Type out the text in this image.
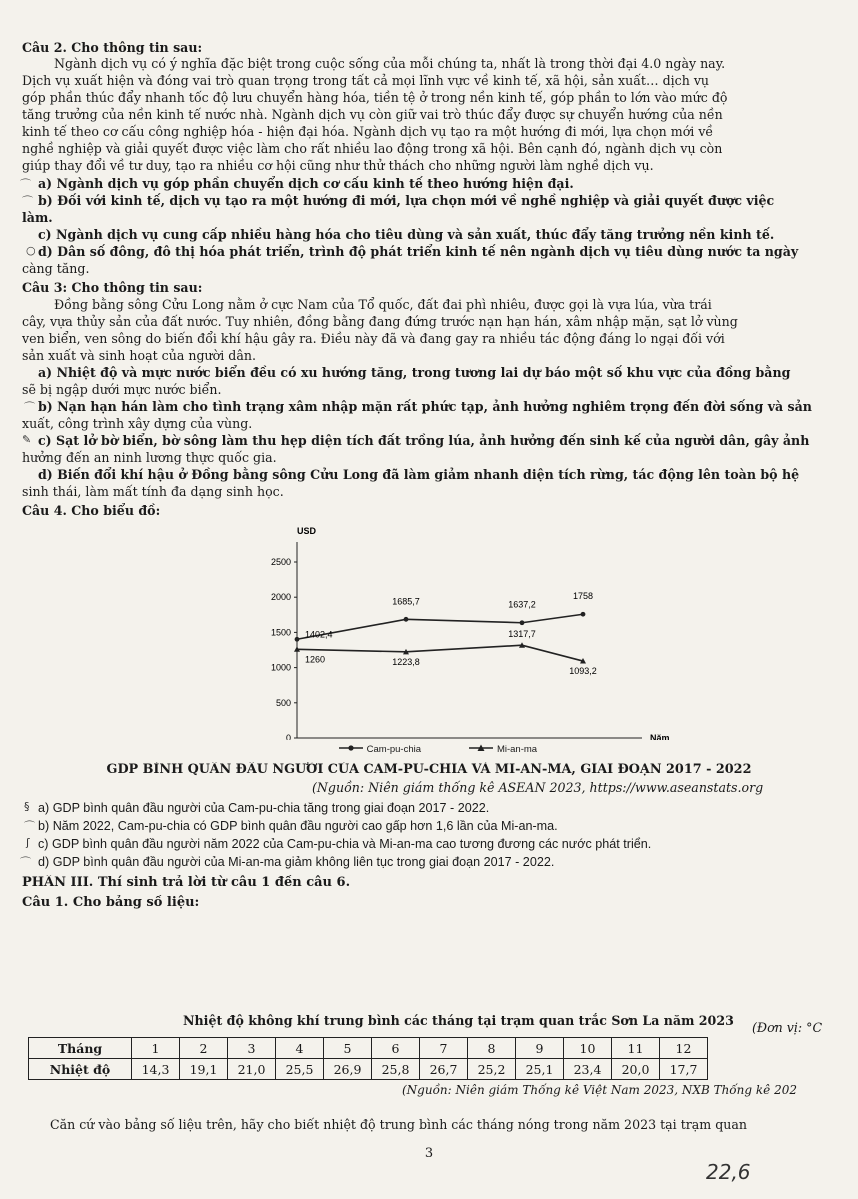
Câu 2. Cho thông tin sau:
Ngành dịch vụ có ý nghĩa đặc biệt trong cuộc sống của mỗi chúng ta, nhất là trong thời đại 4.0 ngày nay.
Dịch vụ xuất hiện và đóng vai trò quan trọng trong tất cả mọi lĩnh vực về kinh tế, xã hội, sản xuất… dịch vụ
góp phần thúc đẩy nhanh tốc độ lưu chuyển hàng hóa, tiền tệ ở trong nền kinh tế, góp phần to lớn vào mức độ
tăng trưởng của nền kinh tế nước nhà. Ngành dịch vụ còn giữ vai trò thúc đẩy được sự chuyển hướng của nền
kinh tế theo cơ cấu công nghiệp hóa - hiện đại hóa. Ngành dịch vụ tạo ra một hướng đi mới, lựa chọn mới về
nghề nghiệp và giải quyết được việc làm cho rất nhiều lao động trong xã hội. Bên cạnh đó, ngành dịch vụ còn
giúp thay đổi về tư duy, tạo ra nhiều cơ hội cũng như thử thách cho những người làm nghề dịch vụ.
a) Ngành dịch vụ góp phần chuyển dịch cơ cấu kinh tế theo hướng hiện đại.
b) Đối với kinh tế, dịch vụ tạo ra một hướng đi mới, lựa chọn mới về nghề nghiệp và giải quyết được việc
làm.
c) Ngành dịch vụ cung cấp nhiều hàng hóa cho tiêu dùng và sản xuất, thúc đẩy tăng trưởng nền kinh tế.
d) Dân số đông, đô thị hóa phát triển, trình độ phát triển kinh tế nên ngành dịch vụ tiêu dùng nước ta ngày
càng tăng.
Câu 3: Cho thông tin sau:
Đồng bằng sông Cửu Long nằm ở cực Nam của Tổ quốc, đất đai phì nhiêu, được gọi là vựa lúa, vừa trái
cây, vựa thủy sản của đất nước. Tuy nhiên, đồng bằng đang đứng trước nạn hạn hán, xâm nhập mặn, sạt lở vùng
ven biển, ven sông do biến đổi khí hậu gây ra. Điều này đã và đang gay ra nhiều tác động đáng lo ngại đối với
sản xuất và sinh hoạt của người dân.
a) Nhiệt độ và mực nước biển đều có xu hướng tăng, trong tương lai dự báo một số khu vực của đồng bằng
sẽ bị ngập dưới mực nước biển.
b) Nạn hạn hán làm cho tình trạng xâm nhập mặn rất phức tạp, ảnh hưởng nghiêm trọng đến đời sống và sản
xuất, công trình xây dựng của vùng.
c) Sạt lở bờ biển, bờ sông làm thu hẹp diện tích đất trồng lúa, ảnh hưởng đến sinh kế của người dân, gây ảnh
hưởng đến an ninh lương thực quốc gia.
d) Biến đổi khí hậu ở Đồng bằng sông Cửu Long đã làm giảm nhanh diện tích rừng, tác động lên toàn bộ hệ
sinh thái, làm mất tính đa dạng sinh học.
Câu 4. Cho biểu đồ:
USD
Năm
0
500
1000
1500
2000
2500
1402,4
1685,7	1637,2
1758
1260	1223,8
1317,7
1093,2
Cam-pu-chia	Mi-an-ma
GDP BÌNH QUÂN ĐẦU NGƯỜI CỦA CAM-PU-CHIA VÀ MI-AN-MA, GIAI ĐOẠN 2017 - 2022
(Nguồn: Niên giám thống kê ASEAN 2023, https://www.aseanstats.org
a) GDP bình quân đầu người của Cam-pu-chia tăng trong giai đoạn 2017 - 2022.
b) Năm 2022, Cam-pu-chia có GDP bình quân đầu người cao gấp hơn 1,6 lần của Mi-an-ma.
c) GDP bình quân đầu người năm 2022 của Cam-pu-chia và Mi-an-ma cao tương đương các nước phát triển.
d) GDP bình quân đầu người của Mi-an-ma giảm không liên tục trong giai đoạn 2017 - 2022.
PHẦN III. Thí sinh trả lời từ câu 1 đến câu 6.
Câu 1. Cho bảng số liệu:
Nhiệt độ không khí trung bình các tháng tại trạm quan trắc Sơn La năm 2023	(Đơn vị: °C
Tháng	1	2	3	4	5	6	7	8	9	10	11	12
Nhiệt độ	14,3	19,1	21,0	25,5	26,9	25,8	26,7	25,2	25,1	23,4	20,0	17,7
(Nguồn: Niên giám Thống kê Việt Nam 2023, NXB Thống kê 202
Căn cứ vào bảng số liệu trên, hãy cho biết nhiệt độ trung bình các tháng nóng trong năm 2023 tại trạm quan
3
22,6
⌒
⌒
○
⌒
✎
§
⌒
ʃ
⌒
